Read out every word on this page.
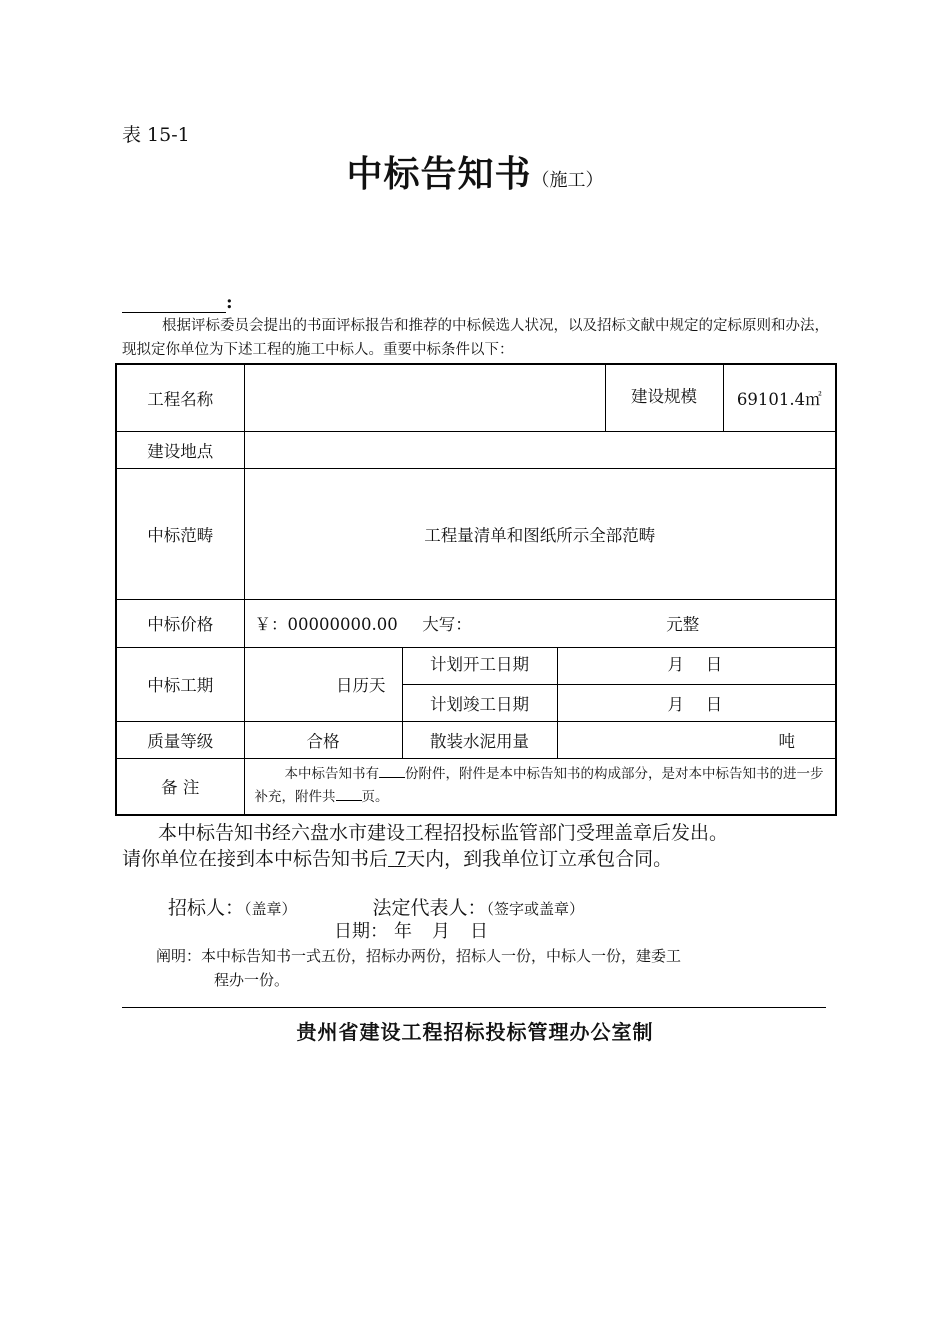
表 15-1
中标告知书（施工）
:
根据评标委员会提出的书面评标报告和推荐的中标候选人状况，以及招标文献中规定的定标原则和办法，现拟定你单位为下述工程的施工中标人。重要中标条件以下：
工程名称				建设规模	69101.4㎡
建设地点					
中标范畴	工程量清单和图纸所示全部范畴				
中标价格	￥：00000000.00 大写： 元整				
中标工期	日历天	计划开工日期	月　 日		
		计划竣工日期	月　 日		
质量等级	合格	散装水泥用量	吨		
备 注	本中标告知书有 份附件，附件是本中标告知书的构成部分，是对本中标告知书的进一步补充，附件共 页。				
本中标告知书经六盘水市建设工程招投标监管部门受理盖章后发出。
请你单位在接到本中标告知书后 7天内，到我单位订立承包合同。
招标人：（盖章）	法定代表人：（签字或盖章）
日期： 年 月 日
阐明：本中标告知书一式五份，招标办两份，招标人一份，中标人一份，建委工
程办一份。
贵州省建设工程招标投标管理办公室制
